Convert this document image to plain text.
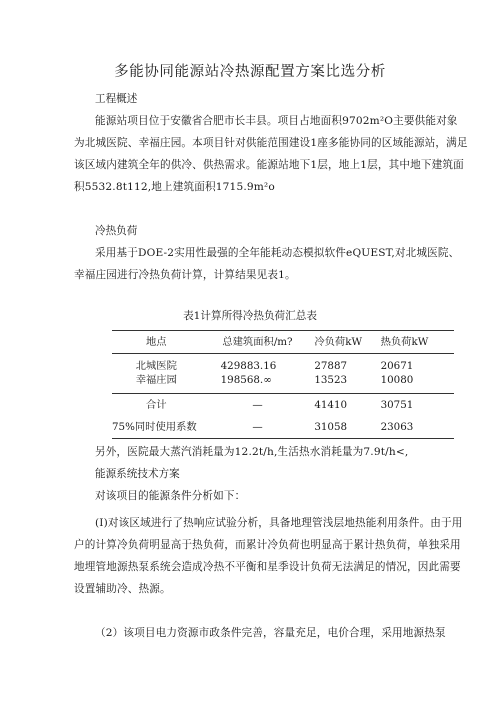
多能协同能源站冷热源配置方案比选分析

工程概述

能源站项目位于安徽省合肥市长丰县。项目占地面积9702m²O主要供能对象为北城医院、幸福庄园。本项目针对供能范围建设1座多能协同的区域能源站，满足该区域内建筑全年的供冷、供热需求。能源站地下1层，地上1层，其中地下建筑面积5532.8t112,地上建筑面积1715.9m²o

冷热负荷

采用基于DOE-2实用性最强的全年能耗动态模拟软件eQUEST,对北城医院、幸福庄园进行冷热负荷计算，计算结果见表1。

表1计算所得冷热负荷汇总表
地点	总建筑面积/m?	冷负荷kW	热负荷kW
北城医院	429883.16	27887	20671
幸福庄园	198568.∞	13523	10080
合计	—	41410	30751
75%同时使用系数	—	31058	23063

另外，医院最大蒸汽消耗量为12.2t∕h,生活热水消耗量为7.9t∕h<,

能源系统技术方案

对该项目的能源条件分析如下：

(I)对该区域进行了热响应试验分析，具备地理管浅层地热能利用条件。由于用户的计算冷负荷明显高于热负荷，而累计冷负荷也明显高于累计热负荷，单独采用地埋管地源热泵系统会造成冷热不平衡和星季设计负荷无法满足的情况，因此需要设置辅助冷、热源。

（2）该项目电力资源市政条件完善，容量充足，电价合理，采用地源热泵
